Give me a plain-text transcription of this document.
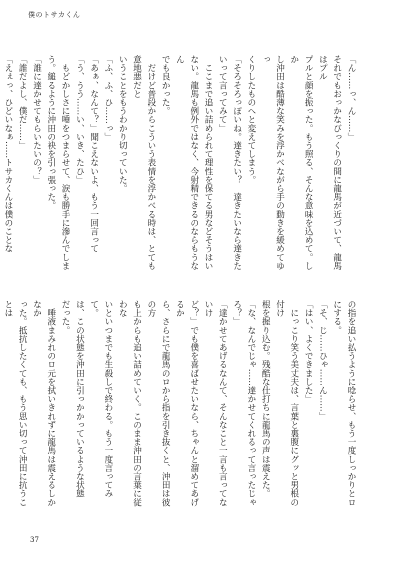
僕のトサカくん
「ん……っ、ん……」
それでもおっかなびっくりの間に龍馬が近づいて、龍馬はプル
プルと顔を振った。もう照る、そんな意味を込めて。しか
し沖田は酷薄な笑みを浮かべながら手の動きを緩めてゆっ
くりしたものへと変えてしまう。
「そろそろっぽいね。達きたい？　達きたいなら達きた
いって言ってみて」
　ここまで追い詰められて理性を保てる男などそうはい
ない。龍馬も例外ではなく、今射精できるのならもうなん
でも良かった。
　だけど普段からこういう表情を浮かべる時は、とても意地悪だと
いうことをもうわかり切っていた。
「ふ、ふ、ひ……っ」
「あぁ、なんて？」聞こえないよ、もう一回言って
「う、うう……い、いき、たひ」
　もどかしさに唾をつまらせて、涙も勝手に滲んでしま
う。縋るように沖田の袂を引っ張った。
「誰に達かせてもらいたいの？」
「誰だよし、僕だ……」
「えぇっ、ひどいなぁ……トサカくんは僕のことな
の指を追い払うように唸らせ、もう一度しっかりとロにする。
「そ、じ……ひゃ……ん……」
「はい、よくできました」
　にっこり笑う美丈夫は、言葉と裏腹にグッと男根の付け
根を握り込む。残酷な仕打ちに龍馬の声は震えた。
「な、なんでじゃ……達かせてくれるって言ったじゃ
ろ？」
「達かせてあげるなんて、そんなこと一言も言ってないけ
ど？」でも僕を喜ばせたいなら、ちゃんと溜めてあげるか
ら、さらにで龍馬のロから指を引き抜くと、沖田は彼の方
も上からも追い詰めていく。このまま沖田の言葉に従わな
いといつまでも生殺しで終わる。もう一度言ってみて。
は、この状態を沖田に引っかかっているような状態
だった。
　唾液まみれのロ元を拭いきれずに龍馬は震えるしかなか
った。抵抗したくても、もう思い切って沖田に抗うことは
37
